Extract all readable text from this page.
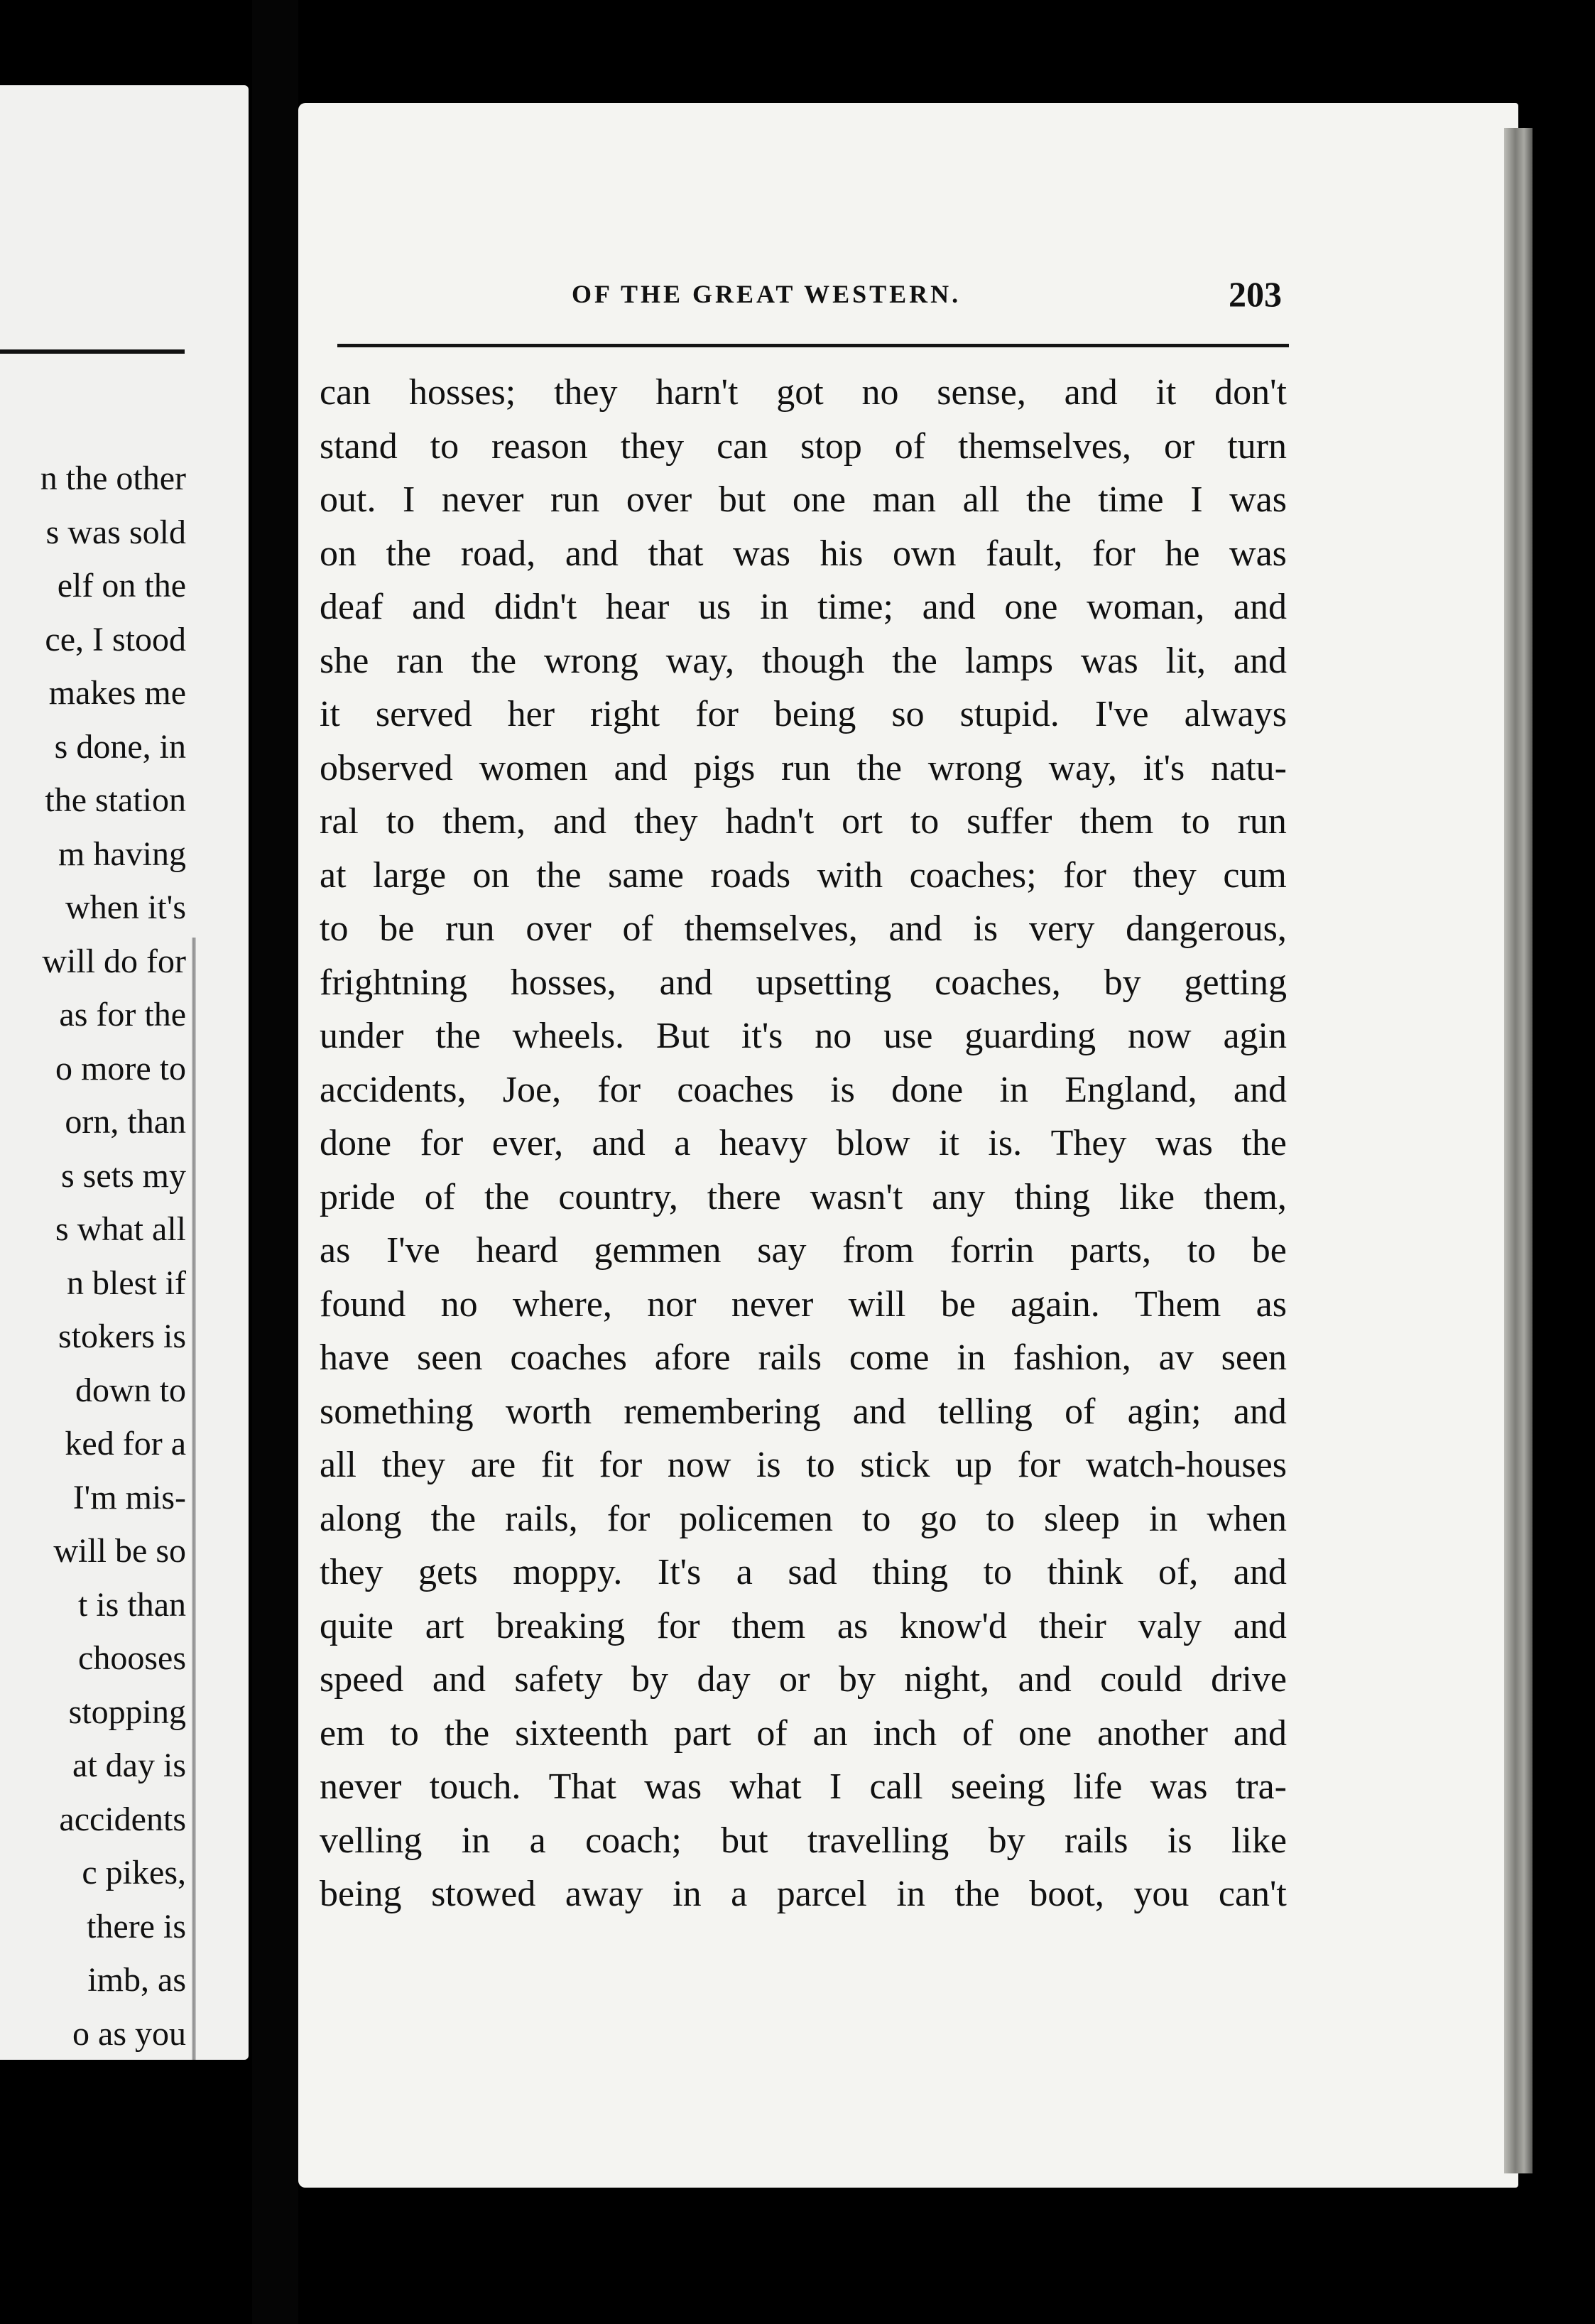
n the other
s was sold
elf on the
ce, I stood
makes me
s done, in
the station
m having
when it's
will do for
as for the
o more to
orn, than
s sets my
s what all
n blest if
stokers is
down to
ked for a
I'm mis-
will be so
t is than
chooses
stopping
at day is
accidents
c pikes,
there is
imb, as
o as you
OF THE GREAT WESTERN.	203
can hosses; they harn't got no sense, and it don't
stand to reason they can stop of themselves, or turn
out. I never run over but one man all the time I was
on the road, and that was his own fault, for he was
deaf and didn't hear us in time; and one woman, and
she ran the wrong way, though the lamps was lit, and
it served her right for being so stupid. I've always
observed women and pigs run the wrong way, it's natu-
ral to them, and they hadn't ort to suffer them to run
at large on the same roads with coaches; for they cum
to be run over of themselves, and is very dangerous,
frightning hosses, and upsetting coaches, by getting
under the wheels. But it's no use guarding now agin
accidents, Joe, for coaches is done in England, and
done for ever, and a heavy blow it is. They was the
pride of the country, there wasn't any thing like them,
as I've heard gemmen say from forrin parts, to be
found no where, nor never will be again. Them as
have seen coaches afore rails come in fashion, av seen
something worth remembering and telling of agin; and
all they are fit for now is to stick up for watch-houses
along the rails, for policemen to go to sleep in when
they gets moppy. It's a sad thing to think of, and
quite art breaking for them as know'd their valy and
speed and safety by day or by night, and could drive
em to the sixteenth part of an inch of one another and
never touch. That was what I call seeing life was tra-
velling in a coach; but travelling by rails is like
being stowed away in a parcel in the boot, you can't
